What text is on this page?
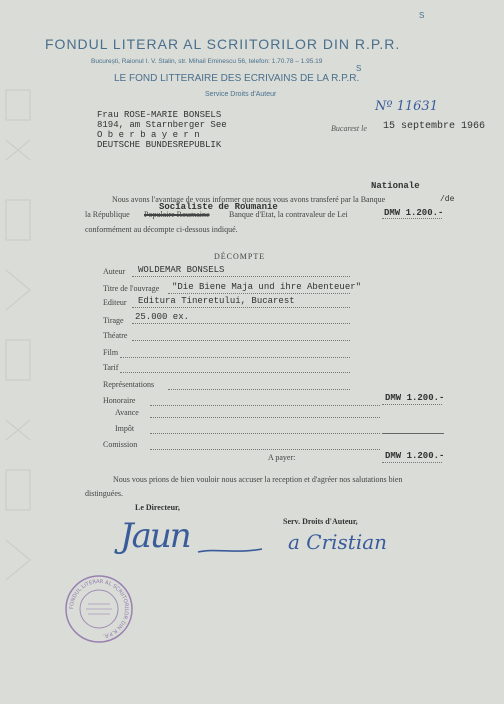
FONDUL LITERAR AL SCRIITORILOR DIN R.P.R.
S
București, Raionul I. V. Stalin, str. Mihail Eminescu 56, telefon: 1.70.78 – 1.95.19
S
LE FOND LITTERAIRE DES ECRIVAINS DE LA R.P.R.
Service Droits d'Auteur
Nº 11631
Frau ROSE-MARIE BONSELS
8194, am Starnberger See
O b e r b a y e r n
DEUTSCHE BUNDESREPUBLIK
Bucarest le 15 septembre 1966
Nationale
Nous avons l'avantage de vous informer que nous vous avons transferé par la Banque	/de
Socialiste de Roumanie
la République Populaire Roumaine Banque d'Etat, la contravaleur de Lei	DMW 1.200.-
conformément au décompte ci-dessous indiqué.
DÉCOMPTE
Auteur WOLDEMAR BONSELS
Titre de l'ouvrage "Die Biene Maja und ihre Abenteuer"
Editeur Editura Tineretului, Bucarest
Tirage 25.000 ex.
Théatre
Film
Tarif
Représentations
Honoraire	DMW 1.200.-
Avance
Impôt
Comission
A payer:	DMW 1.200.-
Nous vous prions de bien vouloir nous accuser la reception et d'agréer nos salutations bien
distinguées.
Le Directeur,
Serv. Droits d'Auteur,
Jaun	a Cristian
FONDUL LITERAR AL SCRIITORILOR DIN R.P.R.
